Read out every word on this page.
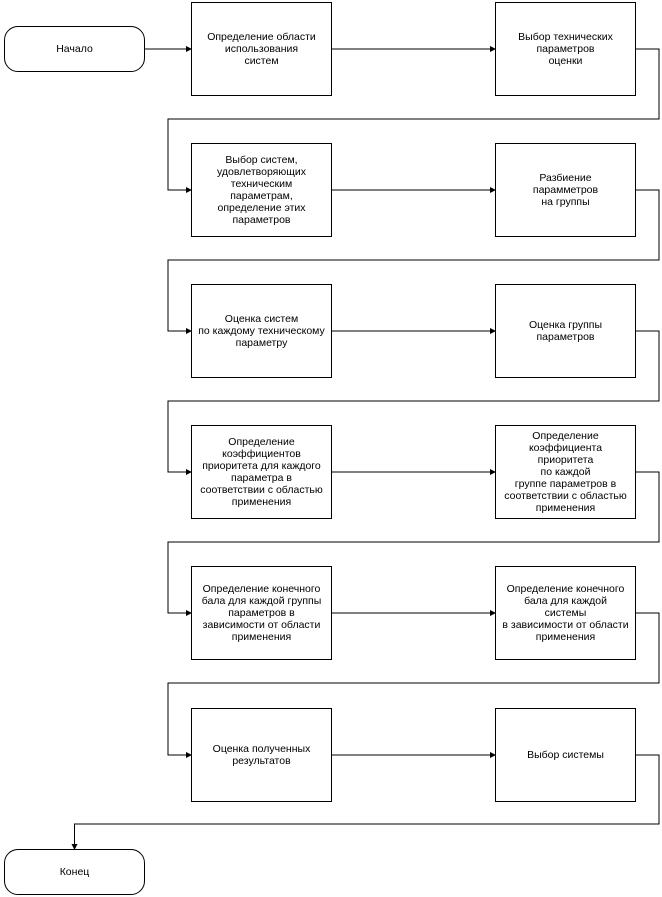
Начало
Определение области
использования
систем
Выбор технических
параметров
оценки
Выбор систем,
удовлетворяющих
техническим
параметрам,
определение этих
параметров
Разбиение
парамметров
на группы
Оценка систем
по каждому техническому
параметру
Оценка группы
параметров
Определение
коэффициентов
приоритета для каждого
параметра в
соответствии с областью
применения
Определение
коэффициента приоритета
по каждой
группе параметров в
соответствии с областью
применения
Определение конечного
бала для каждой группы
параметров в
зависимости от области
применения
Определение конечного
бала для каждой системы
в зависимости от области
применения
Оценка полученных
результатов	Выбор системы
Конец
